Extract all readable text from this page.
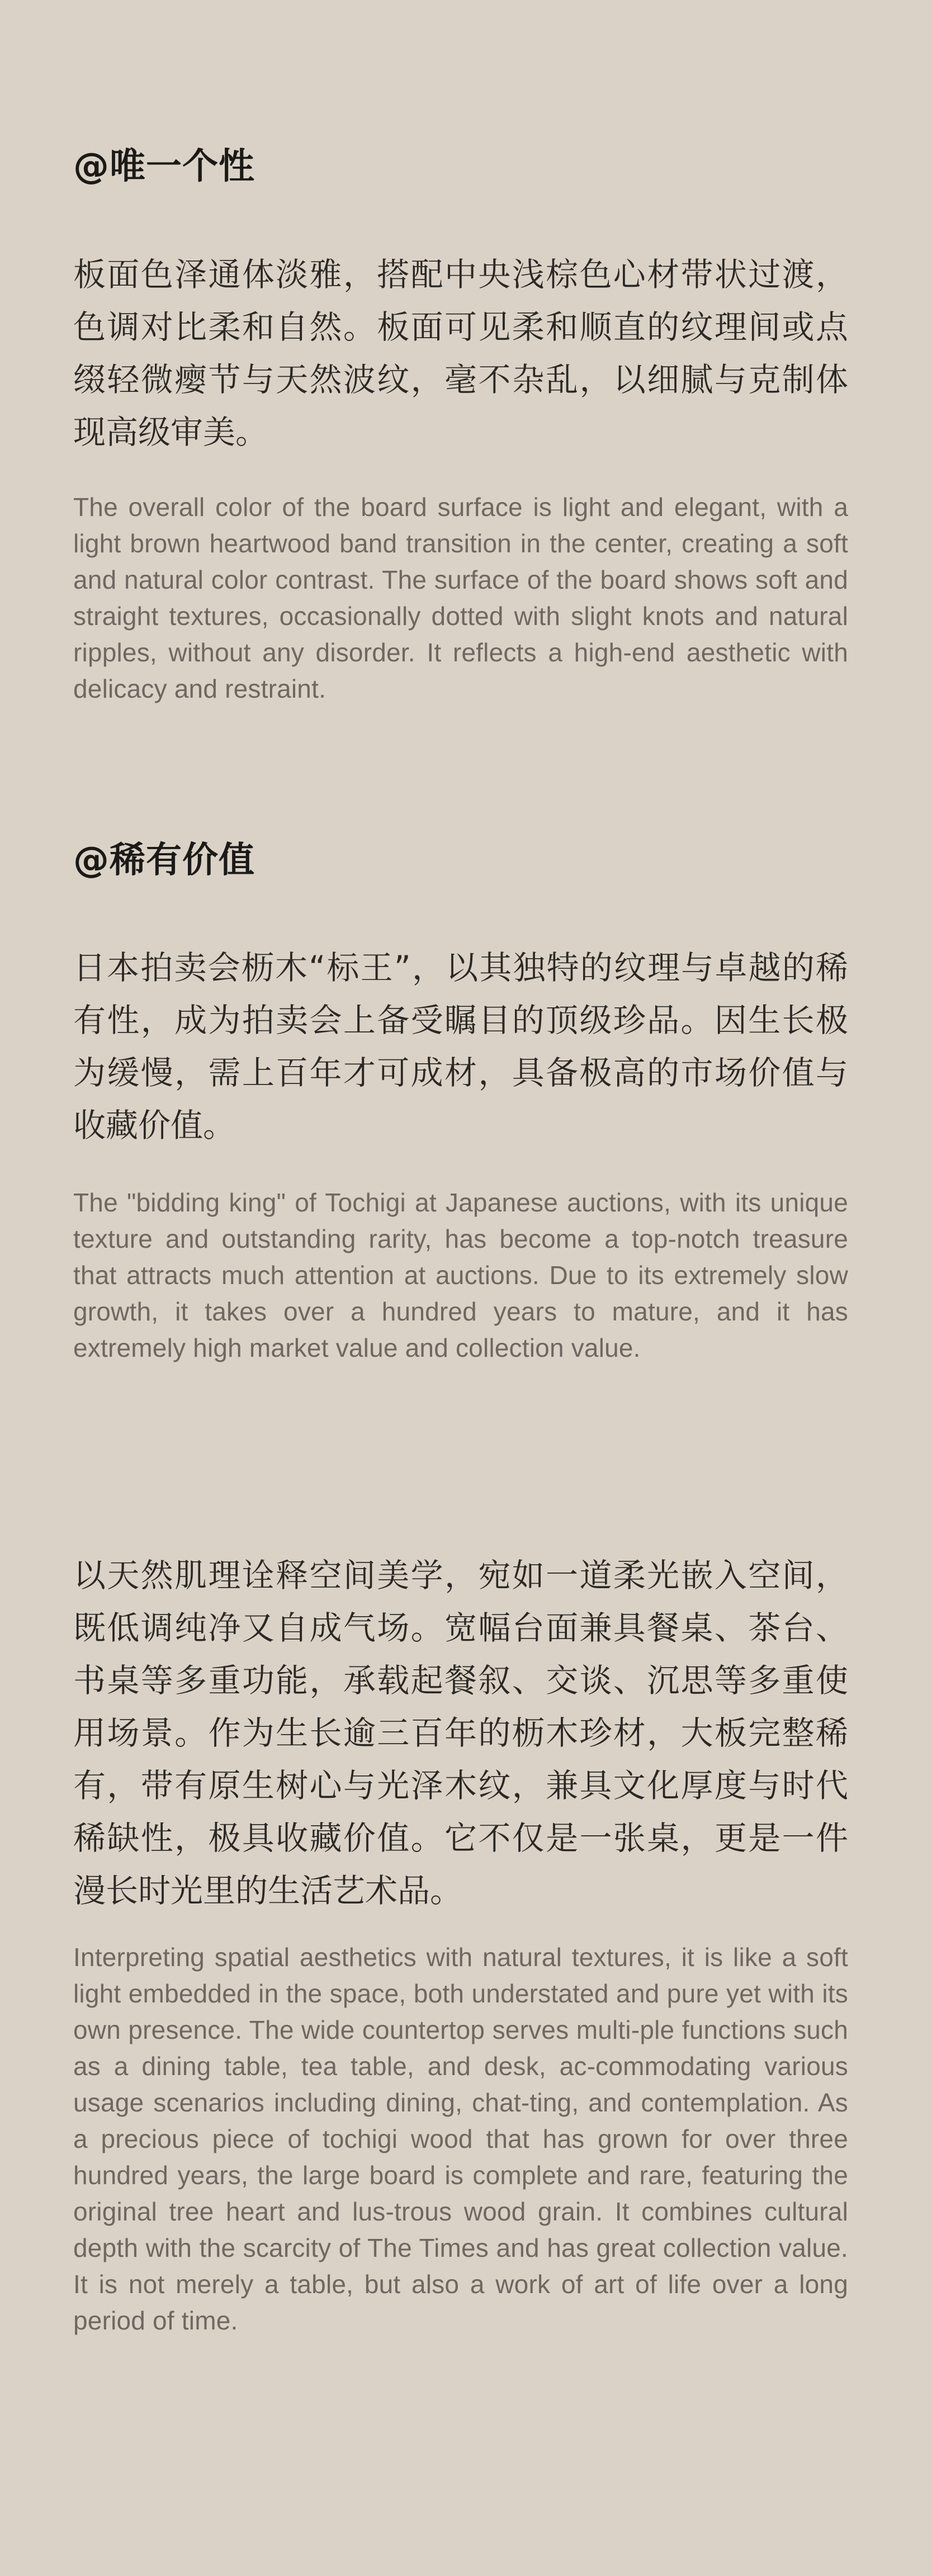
@唯一个性

板面色泽通体淡雅，搭配中央浅棕色心材带状过渡，色调对比柔和自然。板面可见柔和顺直的纹理间或点缀轻微瘿节与天然波纹，毫不杂乱，以细腻与克制体现高级审美。

The overall color of the board surface is light and elegant, with a light brown heartwood band transition in the center, creating a soft and natural color contrast. The surface of the board shows soft and straight textures, occasionally dotted with slight knots and natural ripples, without any disorder. It reflects a high-end aesthetic with delicacy and restraint.

@稀有价值

日本拍卖会枥木“标王”，以其独特的纹理与卓越的稀有性，成为拍卖会上备受瞩目的顶级珍品。因生长极为缓慢，需上百年才可成材，具备极高的市场价值与收藏价值。

The "bidding king" of Tochigi at Japanese auctions, with its unique texture and outstanding rarity, has become a top-notch treasure that attracts much attention at auctions. Due to its extremely slow growth, it takes over a hundred years to mature, and it has extremely high market value and collection value.

以天然肌理诠释空间美学，宛如一道柔光嵌入空间，既低调纯净又自成气场。宽幅台面兼具餐桌、茶台、书桌等多重功能，承载起餐叙、交谈、沉思等多重使用场景。作为生长逾三百年的枥木珍材，大板完整稀有，带有原生树心与光泽木纹，兼具文化厚度与时代稀缺性，极具收藏价值。它不仅是一张桌，更是一件漫长时光里的生活艺术品。

Interpreting spatial aesthetics with natural textures, it is like a soft light embedded in the space, both understated and pure yet with its own presence. The wide countertop serves multi-ple functions such as a dining table, tea table, and desk, ac-commodating various usage scenarios including dining, chat-ting, and contemplation. As a precious piece of tochigi wood that has grown for over three hundred years, the large board is complete and rare, featuring the original tree heart and lus-trous wood grain. It combines cultural depth with the scarcity of The Times and has great collection value. It is not merely a table, but also a work of art of life over a long period of time.
